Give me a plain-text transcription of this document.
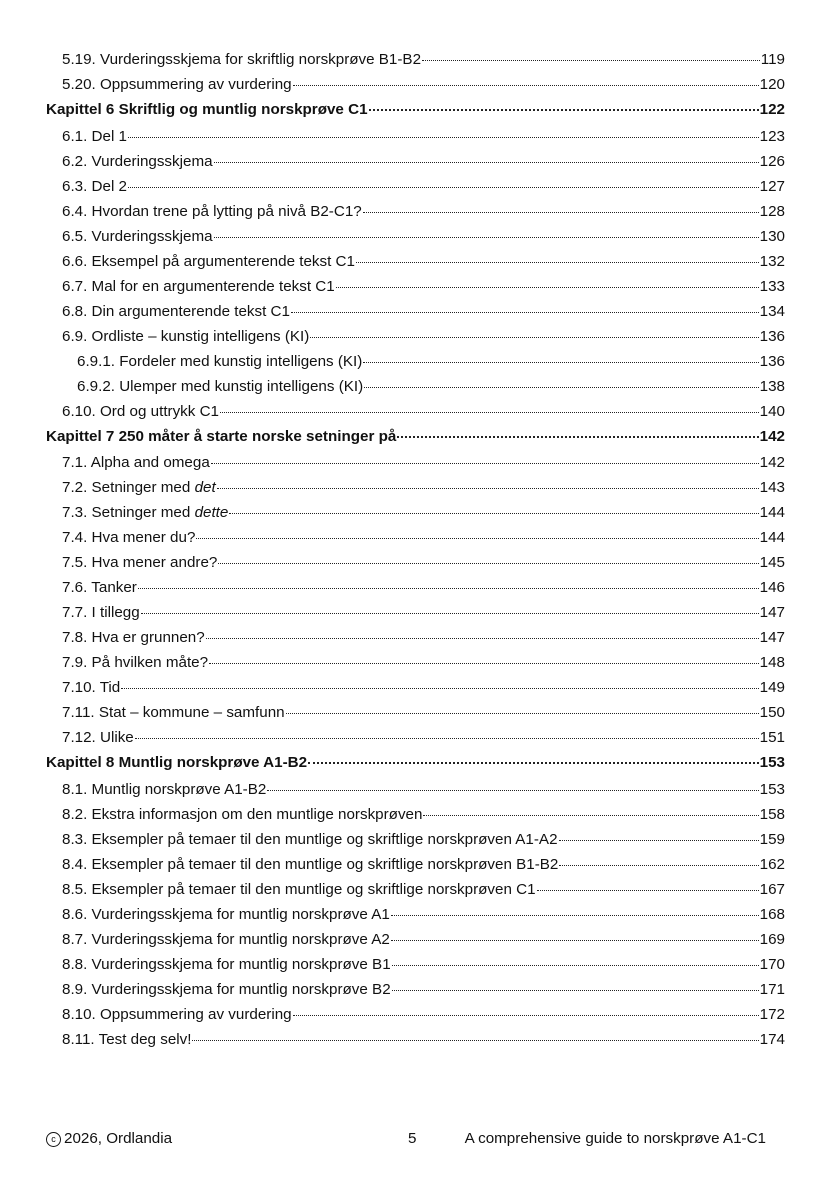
5.19. Vurderingsskjema for skriftlig norskprøve B1-B2	119
5.20. Oppsummering av vurdering	120
Kapittel 6 Skriftlig og muntlig norskprøve C1	122
6.1. Del 1	123
6.2. Vurderingsskjema	126
6.3. Del 2	127
6.4. Hvordan trene på lytting på nivå B2-C1?	128
6.5. Vurderingsskjema	130
6.6. Eksempel på argumenterende tekst C1	132
6.7. Mal for en argumenterende tekst C1	133
6.8. Din argumenterende tekst C1	134
6.9. Ordliste – kunstig intelligens (KI)	136
6.9.1. Fordeler med kunstig intelligens (KI)	136
6.9.2. Ulemper med kunstig intelligens (KI)	138
6.10. Ord og uttrykk C1	140
Kapittel 7 250 måter å starte norske setninger på	142
7.1. Alpha and omega	142
7.2. Setninger med det	143
7.3. Setninger med dette	144
7.4. Hva mener du?	144
7.5. Hva mener andre?	145
7.6. Tanker	146
7.7. I tillegg	147
7.8. Hva er grunnen?	147
7.9. På hvilken måte?	148
7.10. Tid	149
7.11. Stat – kommune – samfunn	150
7.12. Ulike	151
Kapittel 8 Muntlig norskprøve A1-B2	153
8.1. Muntlig norskprøve A1-B2	153
8.2. Ekstra informasjon om den muntlige norskprøven	158
8.3. Eksempler på temaer til den muntlige og skriftlige norskprøven A1-A2	159
8.4. Eksempler på temaer til den muntlige og skriftlige norskprøven B1-B2	162
8.5. Eksempler på temaer til den muntlige og skriftlige norskprøven C1	167
8.6. Vurderingsskjema for muntlig norskprøve A1	168
8.7. Vurderingsskjema for muntlig norskprøve A2	169
8.8. Vurderingsskjema for muntlig norskprøve B1	170
8.9. Vurderingsskjema for muntlig norskprøve B2	171
8.10. Oppsummering av vurdering	172
8.11. Test deg selv!	174
c 2026, Ordlandia	5	A comprehensive guide to norskprøve A1-C1
